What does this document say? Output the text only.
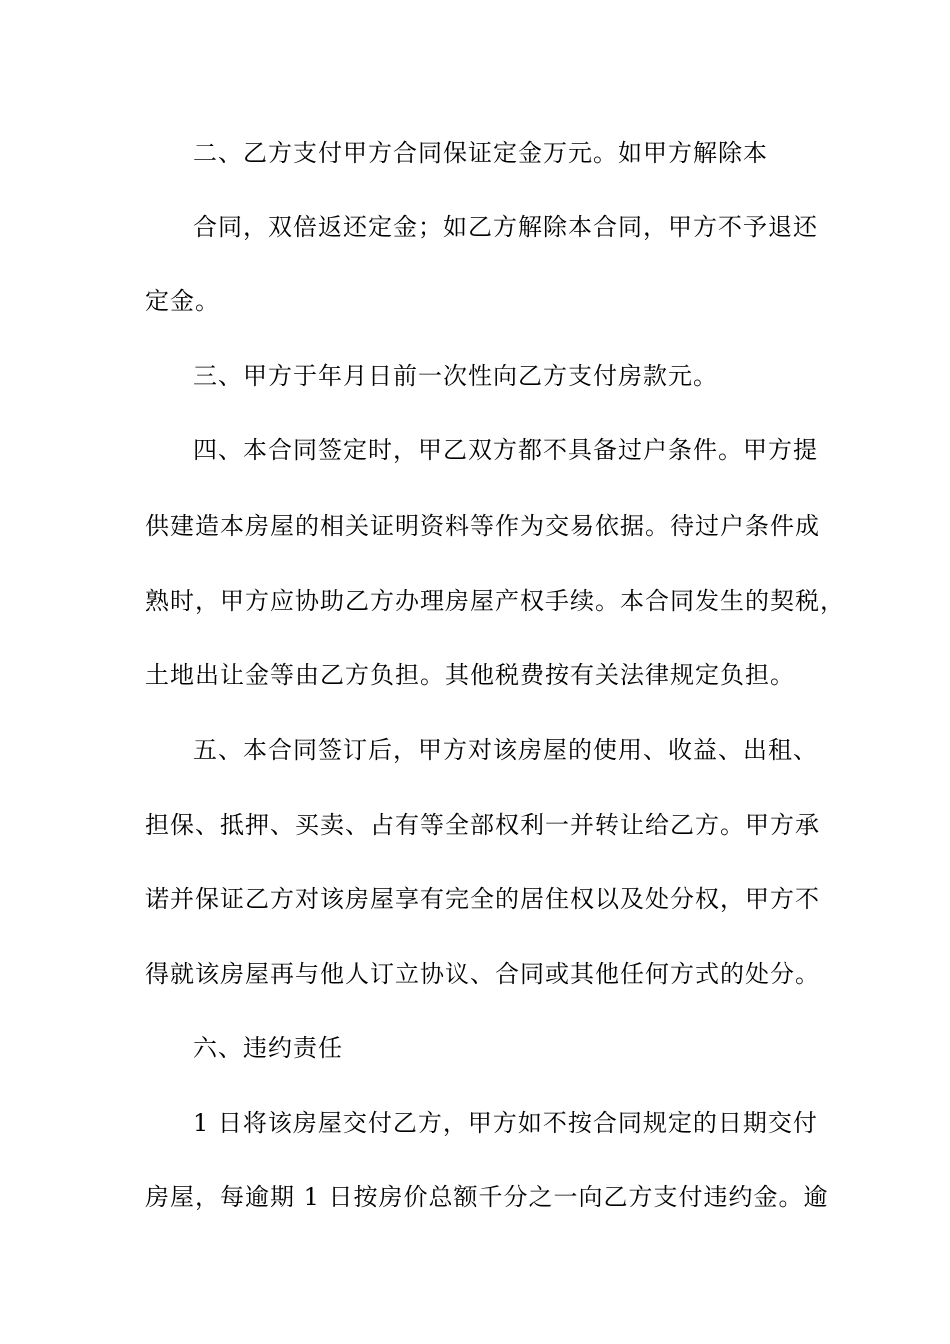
二、乙方支付甲方合同保证定金万元。如甲方解除本
合同，双倍返还定金；如乙方解除本合同，甲方不予退还
定金。
三、甲方于年月日前一次性向乙方支付房款元。
四、本合同签定时，甲乙双方都不具备过户条件。甲方提
供建造本房屋的相关证明资料等作为交易依据。待过户条件成
熟时，甲方应协助乙方办理房屋产权手续。本合同发生的契税，
土地出让金等由乙方负担。其他税费按有关法律规定负担。
五、本合同签订后，甲方对该房屋的使用、收益、出租、
担保、抵押、买卖、占有等全部权利一并转让给乙方。甲方承
诺并保证乙方对该房屋享有完全的居住权以及处分权，甲方不
得就该房屋再与他人订立协议、合同或其他任何方式的处分。
六、违约责任
1 日将该房屋交付乙方，甲方如不按合同规定的日期交付
房屋，每逾期 1 日按房价总额千分之一向乙方支付违约金。逾
